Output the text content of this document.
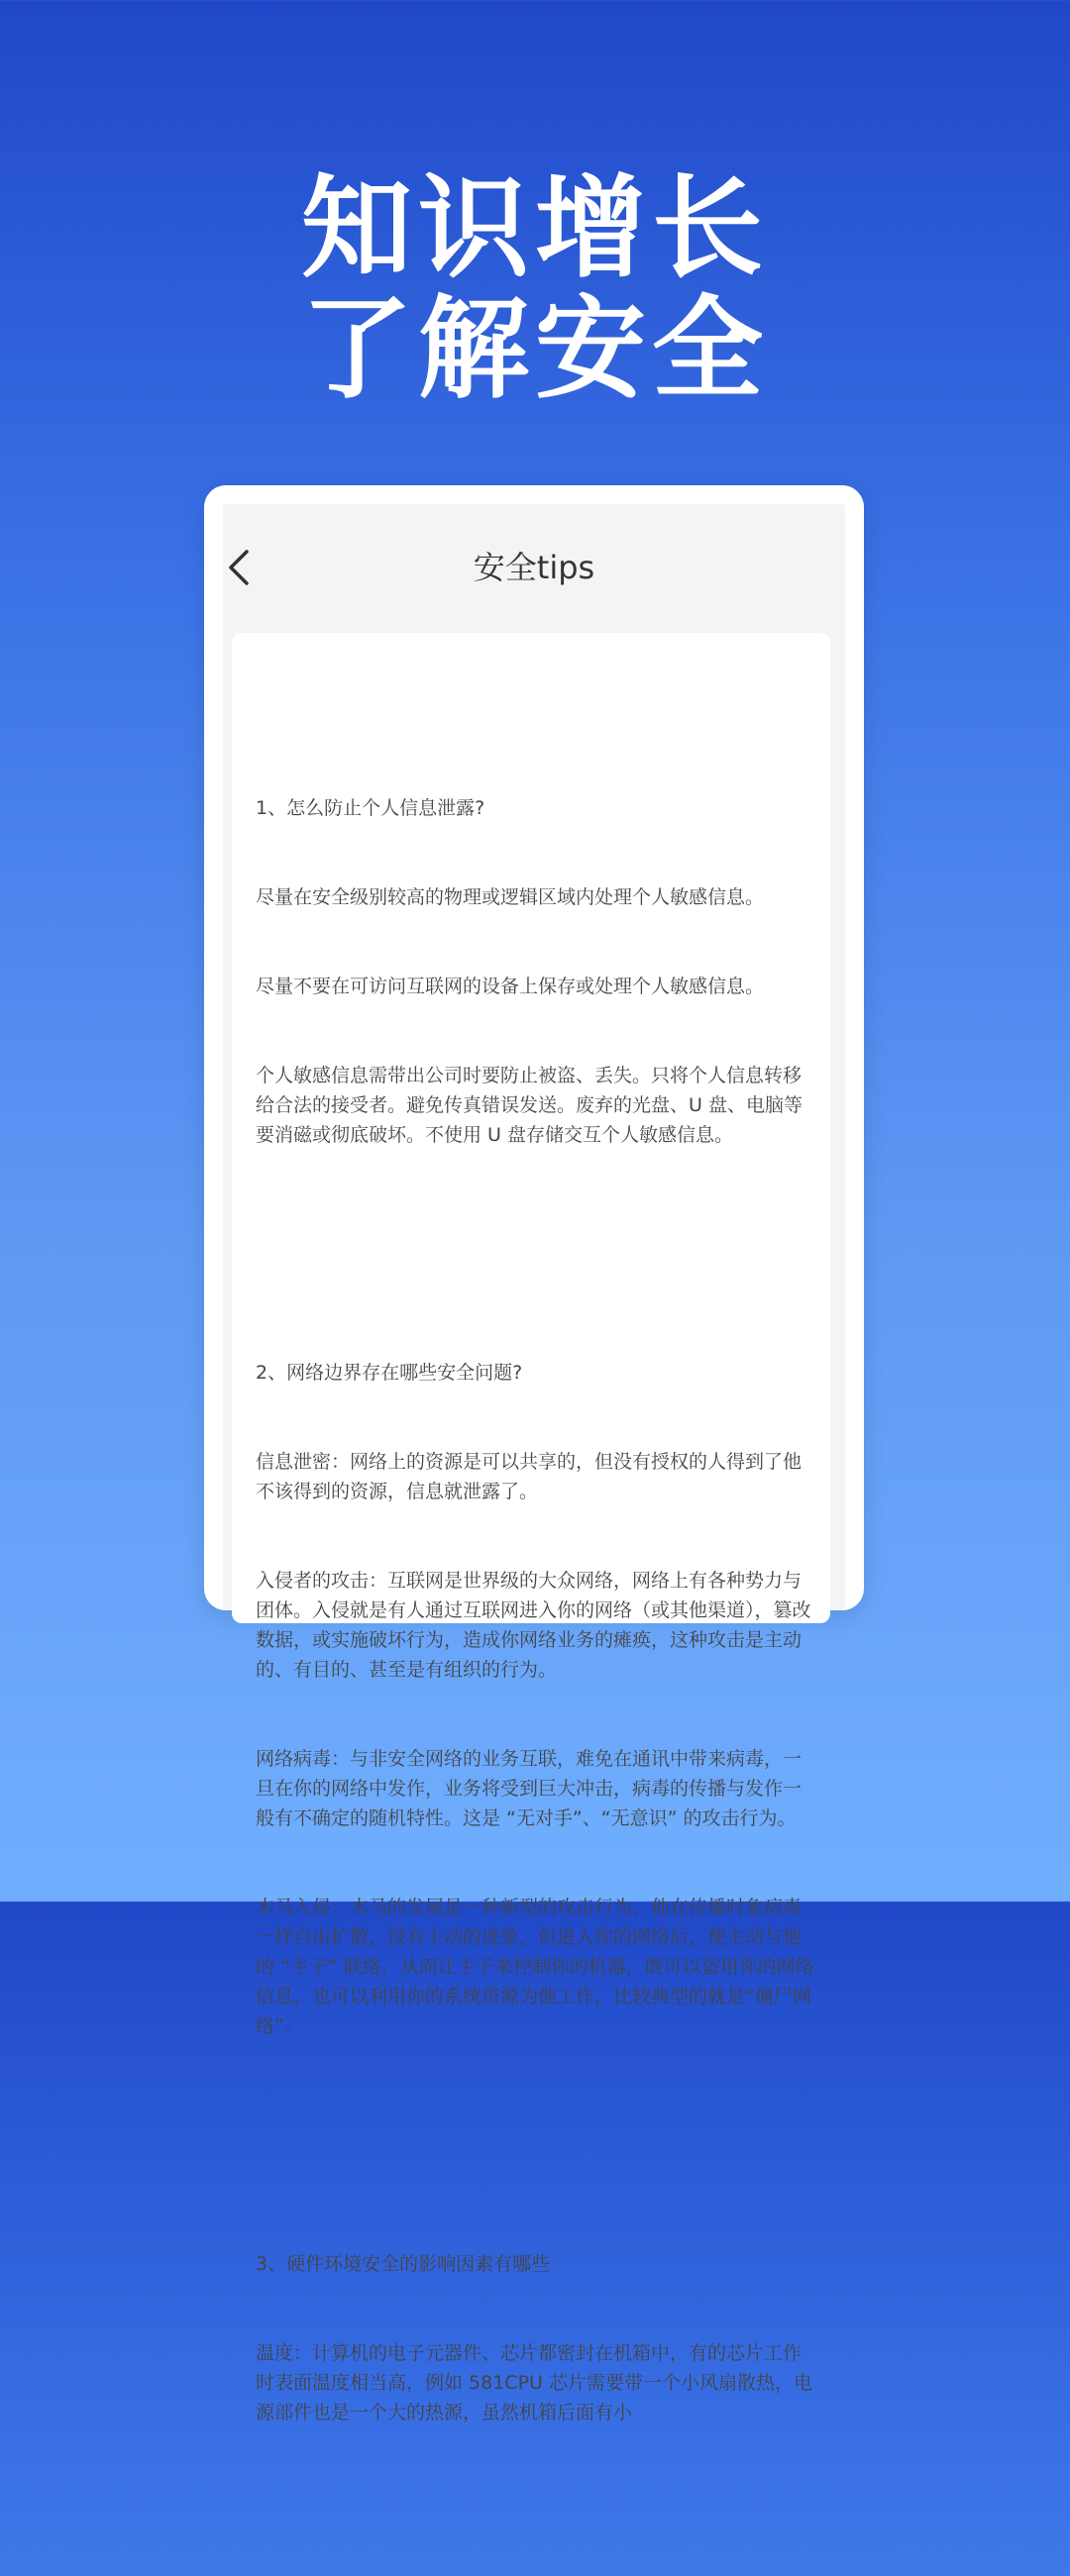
知识增长
了解安全
安全tips

1、怎么防止个人信息泄露?

尽量在安全级别较高的物理或逻辑区域内处理个人敏感信息。

尽量不要在可访问互联网的设备上保存或处理个人敏感信息。

个人敏感信息需带出公司时要防止被盗、丢失。只将个人信息转移给合法的接受者。避免传真错误发送。废弃的光盘、U 盘、电脑等要消磁或彻底破坏。不使用 U 盘存储交互个人敏感信息。

2、网络边界存在哪些安全问题?

信息泄密：网络上的资源是可以共享的，但没有授权的人得到了他不该得到的资源，信息就泄露了。

入侵者的攻击：互联网是世界级的大众网络，网络上有各种势力与团体。入侵就是有人通过互联网进入你的网络（或其他渠道），篡改数据，或实施破坏行为，造成你网络业务的瘫痪，这种攻击是主动的、有目的、甚至是有组织的行为。

网络病毒：与非安全网络的业务互联，难免在通讯中带来病毒，一旦在你的网络中发作，业务将受到巨大冲击，病毒的传播与发作一般有不确定的随机特性。这是 “无对手”、“无意识” 的攻击行为。

木马入侵：木马的发展是一种新型的攻击行为，他在传播时象病毒一样自由扩散，没有主动的迹象，但进入你的网络后，便主动与他的 “主子” 联络，从而让主子来控制你的机器，既可以盗用你的网络信息，也可以利用你的系统资源为他工作，比较典型的就是“僵尸网络”。

3、硬件环境安全的影响因素有哪些

温度：计算机的电子元器件、芯片都密封在机箱中，有的芯片工作时表面温度相当高，例如 581CPU 芯片需要带一个小风扇散热，电源部件也是一个大的热源，虽然机箱后面有小
